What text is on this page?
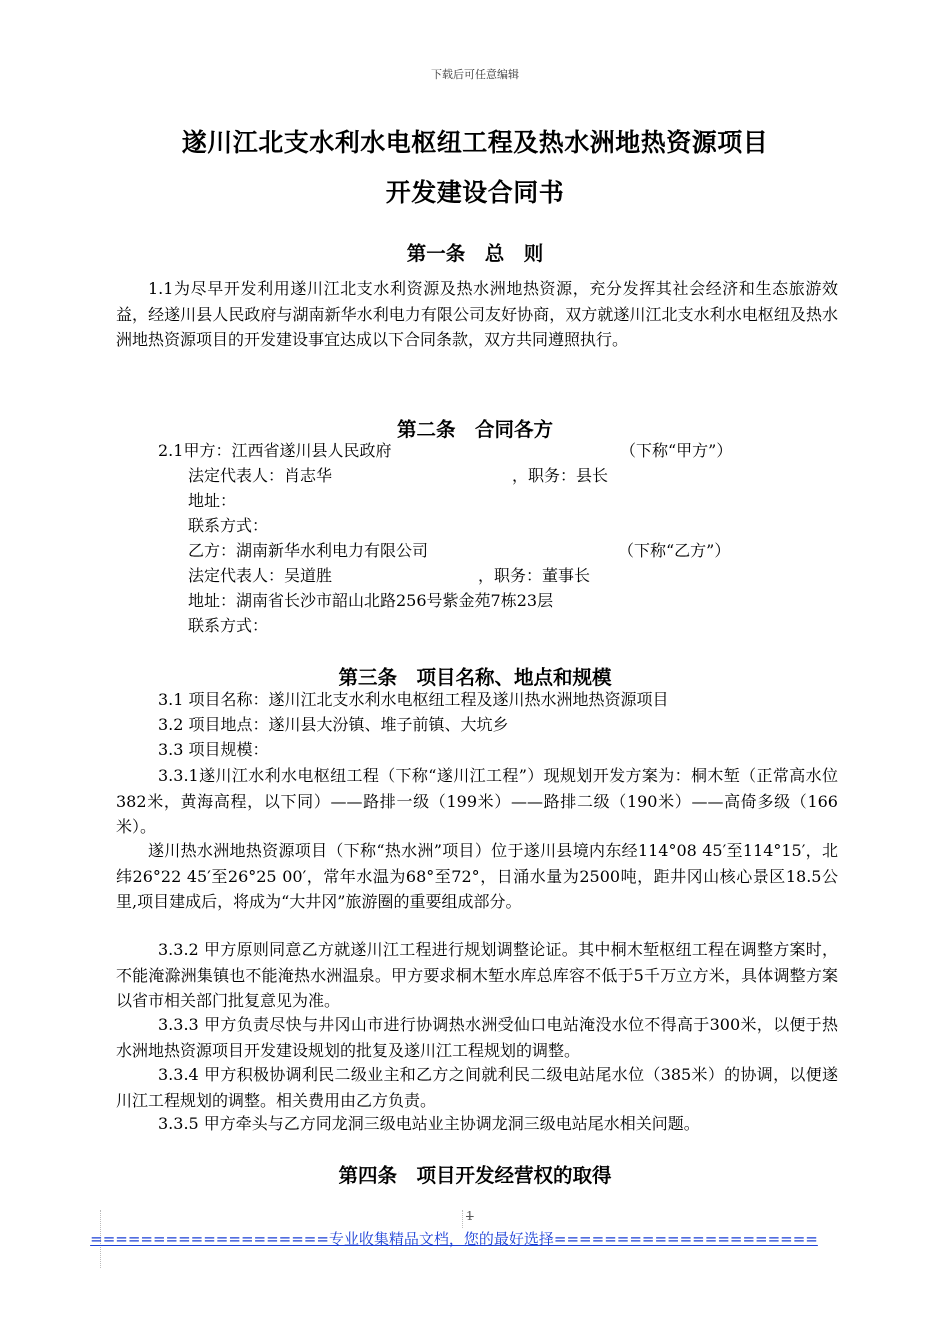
下载后可任意编辑
遂川江北支水利水电枢纽工程及热水洲地热资源项目
开发建设合同书
第一条　总　则
1.1为尽早开发利用遂川江北支水利资源及热水洲地热资源，充分发挥其社会经济和生态旅游效益，经遂川县人民政府与湖南新华水利电力有限公司友好协商，双方就遂川江北支水利水电枢纽及热水洲地热资源项目的开发建设事宜达成以下合同条款，双方共同遵照执行。
第二条　合同各方
2.1甲方：江西省遂川县人民政府	（下称“甲方”）
法定代表人：肖志华	，职务：县长
地址：
联系方式：
乙方：湖南新华水利电力有限公司	（下称“乙方”）
法定代表人：吴道胜	，职务：董事长
地址：湖南省长沙市韶山北路256号紫金苑7栋23层
联系方式：
第三条　项目名称、地点和规模
3.1 项目名称：遂川江北支水利水电枢纽工程及遂川热水洲地热资源项目
3.2 项目地点：遂川县大汾镇、堆子前镇、大坑乡
3.3 项目规模：
3.3.1遂川江水利水电枢纽工程（下称“遂川江工程”）现规划开发方案为：桐木堑（正常高水位382米，黄海高程，以下同）——路排一级（199米）——路排二级（190米）——高倚多级（166米）。
遂川热水洲地热资源项目（下称“热水洲”项目）位于遂川县境内东经114°08 45′至114°15′，北纬26°22 45′至26°25 00′，常年水温为68°至72°，日涌水量为2500吨，距井冈山核心景区18.5公里,项目建成后，将成为“大井冈”旅游圈的重要组成部分。
3.3.2 甲方原则同意乙方就遂川江工程进行规划调整论证。其中桐木堑枢纽工程在调整方案时，不能淹滁洲集镇也不能淹热水洲温泉。甲方要求桐木堑水库总库容不低于5千万立方米，具体调整方案以省市相关部门批复意见为准。
3.3.3 甲方负责尽快与井冈山市进行协调热水洲受仙口电站淹没水位不得高于300米，以便于热水洲地热资源项目开发建设规划的批复及遂川江工程规划的调整。
3.3.4 甲方积极协调利民二级业主和乙方之间就利民二级电站尾水位（385米）的协调，以便遂川江工程规划的调整。相关费用由乙方负责。
3.3.5 甲方牵头与乙方同龙洞三级电站业主协调龙洞三级电站尾水相关问题。
第四条　项目开发经营权的取得
1
===================专业收集精品文档，您的最好选择=====================
